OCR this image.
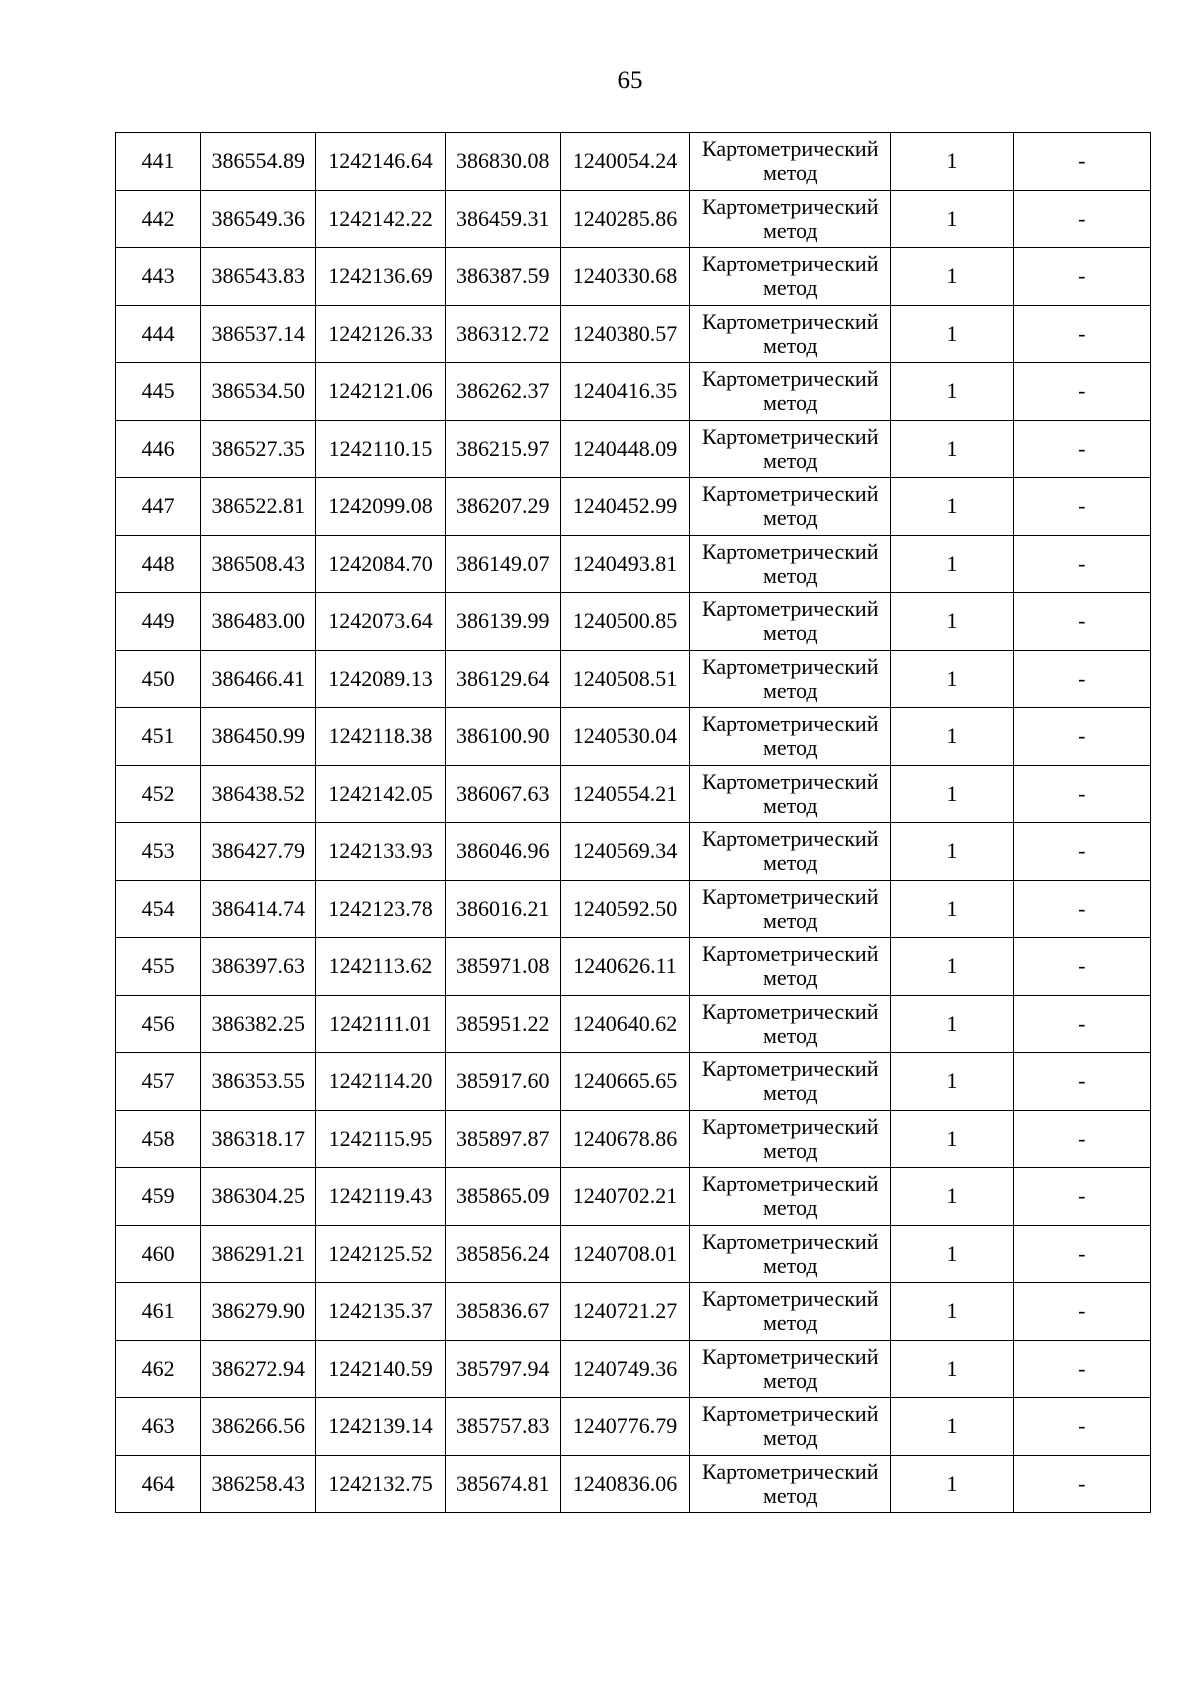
65
441	386554.89	1242146.64	386830.08	1240054.24	Картометрический
метод	1	-
442	386549.36	1242142.22	386459.31	1240285.86	Картометрический
метод	1	-
443	386543.83	1242136.69	386387.59	1240330.68	Картометрический
метод	1	-
444	386537.14	1242126.33	386312.72	1240380.57	Картометрический
метод	1	-
445	386534.50	1242121.06	386262.37	1240416.35	Картометрический
метод	1	-
446	386527.35	1242110.15	386215.97	1240448.09	Картометрический
метод	1	-
447	386522.81	1242099.08	386207.29	1240452.99	Картометрический
метод	1	-
448	386508.43	1242084.70	386149.07	1240493.81	Картометрический
метод	1	-
449	386483.00	1242073.64	386139.99	1240500.85	Картометрический
метод	1	-
450	386466.41	1242089.13	386129.64	1240508.51	Картометрический
метод	1	-
451	386450.99	1242118.38	386100.90	1240530.04	Картометрический
метод	1	-
452	386438.52	1242142.05	386067.63	1240554.21	Картометрический
метод	1	-
453	386427.79	1242133.93	386046.96	1240569.34	Картометрический
метод	1	-
454	386414.74	1242123.78	386016.21	1240592.50	Картометрический
метод	1	-
455	386397.63	1242113.62	385971.08	1240626.11	Картометрический
метод	1	-
456	386382.25	1242111.01	385951.22	1240640.62	Картометрический
метод	1	-
457	386353.55	1242114.20	385917.60	1240665.65	Картометрический
метод	1	-
458	386318.17	1242115.95	385897.87	1240678.86	Картометрический
метод	1	-
459	386304.25	1242119.43	385865.09	1240702.21	Картометрический
метод	1	-
460	386291.21	1242125.52	385856.24	1240708.01	Картометрический
метод	1	-
461	386279.90	1242135.37	385836.67	1240721.27	Картометрический
метод	1	-
462	386272.94	1242140.59	385797.94	1240749.36	Картометрический
метод	1	-
463	386266.56	1242139.14	385757.83	1240776.79	Картометрический
метод	1	-
464	386258.43	1242132.75	385674.81	1240836.06	Картометрический
метод	1	-
